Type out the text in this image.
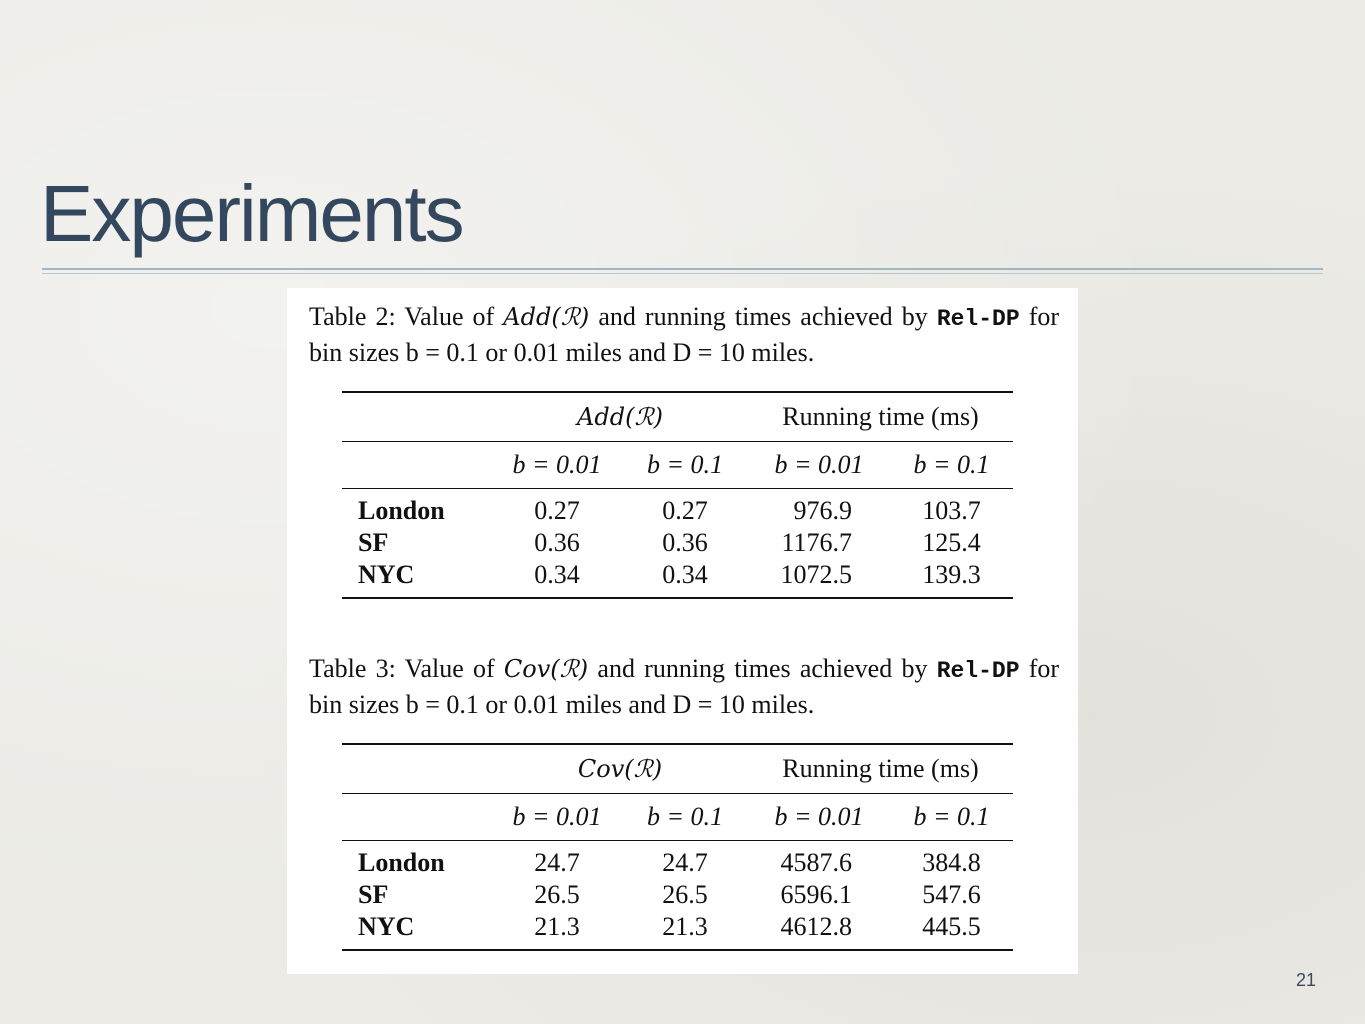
Experiments

Table 2: Value of Add(ℛ) and running times achieved by Rel-DP for bin sizes b = 0.1 or 0.01 miles and D = 10 miles.

	Add(ℛ)		Running time (ms)	
	b = 0.01	b = 0.1	b = 0.01	b = 0.1
London	0.27	0.27	976.9	103.7
SF	0.36	0.36	1176.7	125.4
NYC	0.34	0.34	1072.5	139.3

Table 3: Value of Cov(ℛ) and running times achieved by Rel-DP for bin sizes b = 0.1 or 0.01 miles and D = 10 miles.

	Cov(ℛ)		Running time (ms)	
	b = 0.01	b = 0.1	b = 0.01	b = 0.1
London	24.7	24.7	4587.6	384.8
SF	26.5	26.5	6596.1	547.6
NYC	21.3	21.3	4612.8	445.5
21
